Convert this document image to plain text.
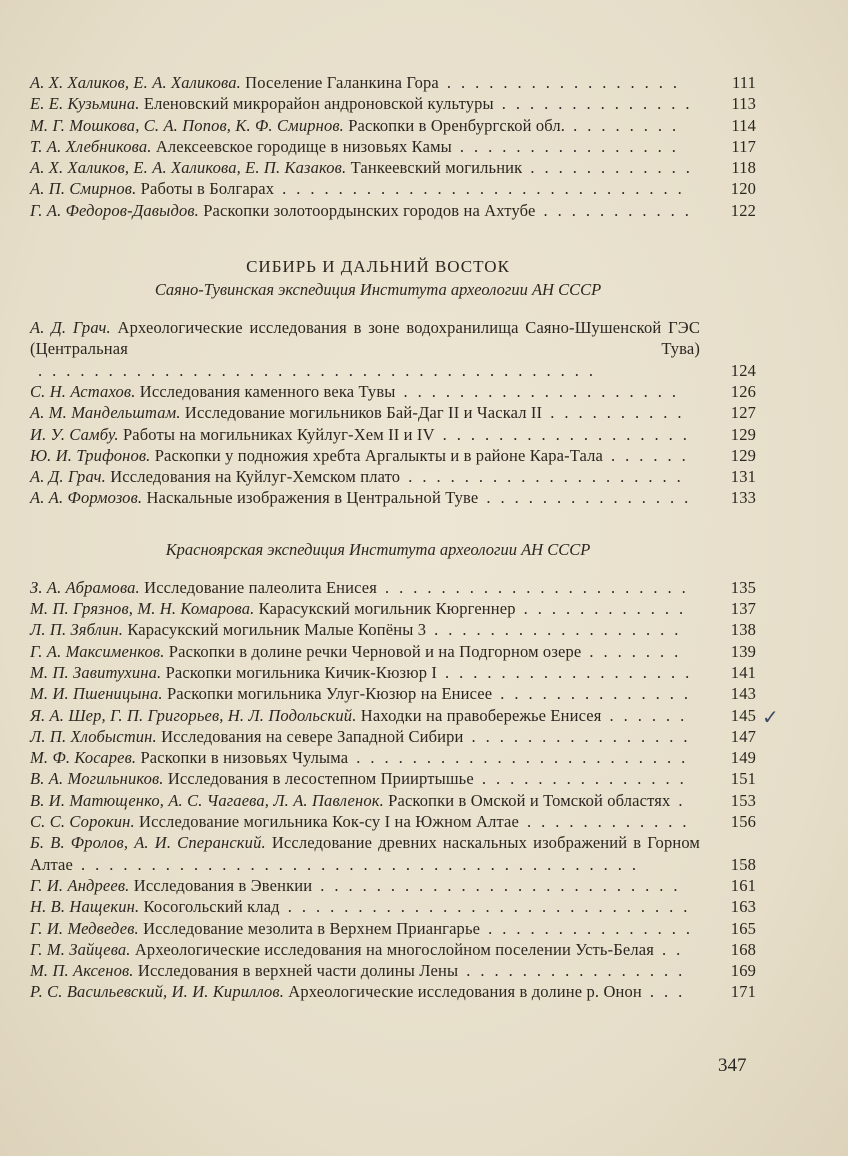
А. Х. Халиков, Е. А. Халикова. Поселение Галанкина Гора .................	111
Е. Е. Кузьмина. Еленовский микрорайон андроновской культуры ..............	113
М. Г. Мошкова, С. А. Попов, К. Ф. Смирнов. Раскопки в Оренбургской обл. ........	114
Т. А. Хлебникова. Алексеевское городище в низовьях Камы ................	117
А. Х. Халиков, Е. А. Халикова, Е. П. Казаков. Танкеевский могильник ............	118
А. П. Смирнов. Работы в Болгарах .............................	120
Г. А. Федоров-Давыдов. Раскопки золотоордынских городов на Ахтубе ...........	122
СИБИРЬ И ДАЛЬНИЙ ВОСТОК
Саяно-Тувинская экспедиция Института археологии АН СССР
А. Д. Грач. Археологические исследования в зоне водохранилища Саяно-Шушенской ГЭС (Центральная Тува)........................................	124
С. Н. Астахов. Исследования каменного века Тувы ....................	126
А. М. Мандельштам. Исследование могильников Бай-Даг II и Часкал II ..........	127
И. У. Самбу. Работы на могильниках Куйлуг-Хем II и IV ..................	129
Ю. И. Трифонов. Раскопки у подножия хребта Аргалыкты и в районе Кара-Тала ......	129
А. Д. Грач. Исследования на Куйлуг-Хемском плато ....................	131
А. А. Формозов. Наскальные изображения в Центральной Туве ...............	133
Красноярская экспедиция Института археологии АН СССР
З. А. Абрамова. Исследование палеолита Енисея ......................	135
М. П. Грязнов, М. Н. Комарова. Карасукский могильник Кюргеннер ............	137
Л. П. Зяблин. Карасукский могильник Малые Копёны 3 ..................	138
Г. А. Максименков. Раскопки в долине речки Черновой и на Подгорном озере .......	139
М. П. Завитухина. Раскопки могильника Кичик-Кюзюр I ..................	141
М. И. Пшеницына. Раскопки могильника Улуг-Кюзюр на Енисее ..............	143
Я. А. Шер, Г. П. Григорьев, Н. Л. Подольский. Находки на правобережье Енисея ......	145
Л. П. Хлобыстин. Исследования на севере Западной Сибири ................	147
М. Ф. Косарев. Раскопки в низовьях Чулыма ........................	149
В. А. Могильников. Исследования в лесостепном Прииртышье ...............	151
В. И. Матющенко, А. С. Чагаева, Л. А. Павленок. Раскопки в Омской и Томской областях .	153
С. С. Сорокин. Исследование могильника Кок-су I на Южном Алтае ............	156
Б. В. Фролов, А. И. Сперанский. Исследование древних наскальных изображений в Горном Алтае ........................................	158
Г. И. Андреев. Исследования в Эвенкии ..........................	161
Н. В. Нащекин. Косогольский клад .............................	163
Г. И. Медведев. Исследование мезолита в Верхнем Приангарье ...............	165
Г. М. Зайцева. Археологические исследования на многослойном поселении Усть-Белая ..	168
М. П. Аксенов. Исследования в верхней части долины Лены ................	169
Р. С. Васильевский, И. И. Кириллов. Археологические исследования в долине р. Онон ...	171
347
✓
